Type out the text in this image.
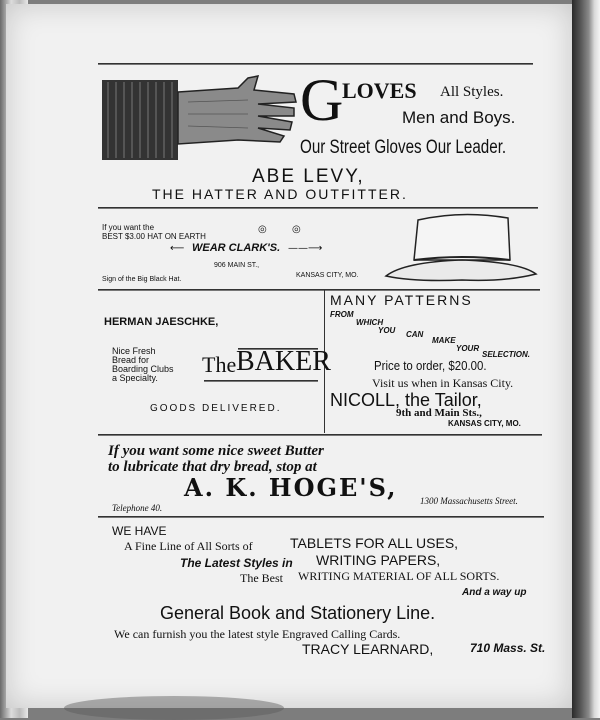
G
LOVES All Styles.
Men and Boys.
Our Street Gloves Our Leader.
ABE LEVY,
THE HATTER AND OUTFITTER.
If you want the
BEST $3.00 HAT ON EARTH
◎	◎
⟵ WEAR CLARK'S. ——⟶
906 MAIN ST.,
Sign of the Big Black Hat.
KANSAS CITY, MO.
HERMAN JAESCHKE,
Nice Fresh
Bread for
Boarding Clubs
a Specialty.
The BAKER
GOODS DELIVERED.
MANY PATTERNS
FROM
WHICH
YOU CAN
MAKE
YOUR
SELECTION.
Price to order, $20.00.
Visit us when in Kansas City.
NICOLL, the Tailor,
9th and Main Sts.,
KANSAS CITY, MO.
If you want some nice sweet Butter
to lubricate that dry bread, stop at
A. K. HOGE'S,
Telephone 40.
1300 Massachusetts Street.
WE HAVE
A Fine Line of All Sorts of	TABLETS FOR ALL USES,
The Latest Styles in WRITING PAPERS,
The Best WRITING MATERIAL OF ALL SORTS.
And a way up
General Book and Stationery Line.
We can furnish you the latest style Engraved Calling Cards.
TRACY LEARNARD,	710 Mass. St.
